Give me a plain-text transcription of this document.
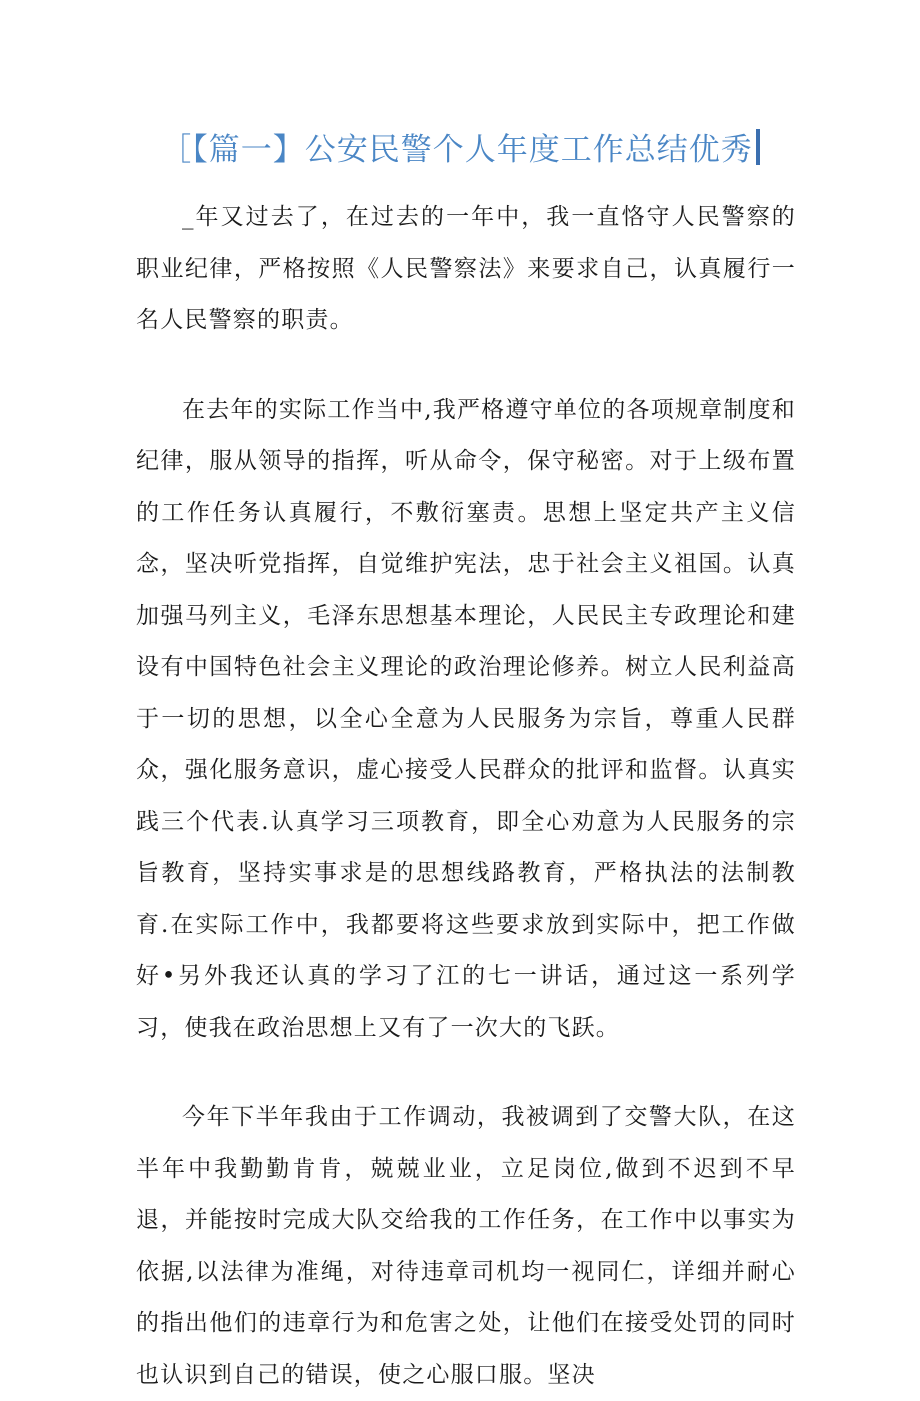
［【篇一】公安民警个人年度工作总结优秀

_年又过去了，在过去的一年中，我一直恪守人民警察的职业纪律，严格按照《人民警察法》来要求自己，认真履行一名人民警察的职责。

在去年的实际工作当中,我严格遵守单位的各项规章制度和纪律，服从领导的指挥，听从命令，保守秘密。对于上级布置的工作任务认真履行，不敷衍塞责。思想上坚定共产主义信念，坚决听党指挥，自觉维护宪法，忠于社会主义祖国。认真加强马列主义，毛泽东思想基本理论，人民民主专政理论和建设有中国特色社会主义理论的政治理论修养。树立人民利益高于一切的思想，以全心全意为人民服务为宗旨，尊重人民群众，强化服务意识，虚心接受人民群众的批评和监督。认真实践三个代表.认真学习三项教育，即全心劝意为人民服务的宗旨教育，坚持实事求是的思想线路教育，严格执法的法制教育.在实际工作中，我都要将这些要求放到实际中，把工作做好•另外我还认真的学习了江的七一讲话，通过这一系列学习，使我在政治思想上又有了一次大的飞跃。

今年下半年我由于工作调动，我被调到了交警大队，在这半年中我勤勤肯肯，兢兢业业，立足岗位,做到不迟到不早退，并能按时完成大队交给我的工作任务，在工作中以事实为依据,以法律为准绳，对待违章司机均一视同仁，详细并耐心的指出他们的违章行为和危害之处，让他们在接受处罚的同时也认识到自己的错误，使之心服口服。坚决
